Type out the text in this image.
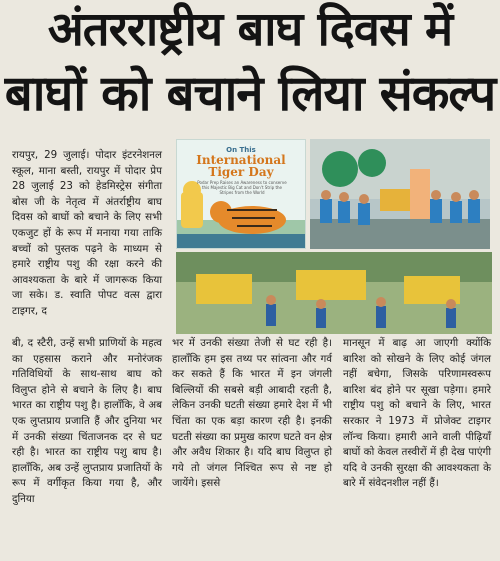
अंतरराष्ट्रीय बाघ दिवस में
बाघों को बचाने लिया संकल्प
On This
International Tiger Day
Podar Prep Raises an Awareness to conserve this Majestic Big Cat and Don't Strip the Stripes from the World
रायपुर, 29 जुलाई। पोदार इंटरनेशनल स्कूल, माना बस्ती, रायपुर में पोदार प्रेप 28 जुलाई 23 को हेडमिस्ट्रेस संगीता बोस जी के नेतृत्व में अंतर्राष्ट्रीय बाघ दिवस को बाघों को बचाने के लिए सभी एकजुट हों के रूप में मनाया गया ताकि बच्चों को पुस्तक पढ़ने के माध्यम से हमारे राष्ट्रीय पशु की रक्षा करने की आवश्यकता के बारे में जागरूक किया जा सके। ड. स्वाति पोपट वत्स द्वारा टाइगर, द
बी, द स्टैरी, उन्हें सभी प्राणियों के महत्व का एहसास कराने और मनोरंजक गतिविधियों के साथ-साथ बाघ को विलुप्त होने से बचाने के लिए है। बाघ भारत का राष्ट्रीय पशु है। हालाँकि, वे अब एक लुप्तप्राय प्रजाति हैं और दुनिया भर में उनकी संख्या चिंताजनक दर से घट रही है। भारत का राष्ट्रीय पशु बाघ है। हालाँकि, अब उन्हें लुप्तप्राय प्रजातियों के रूप में वर्गीकृत किया गया है, और दुनिया
भर में उनकी संख्या तेजी से घट रही है। हालाँकि हम इस तथ्य पर सांत्वना और गर्व कर सकते हैं कि भारत में इन जंगली बिल्लियों की सबसे बड़ी आबादी रहती है, लेकिन उनकी घटती संख्या हमारे देश में भी चिंता का एक बड़ा कारण रही है। इनकी घटती संख्या का प्रमुख कारण घटते वन क्षेत्र और अवैध शिकार है। यदि बाघ विलुप्त हो गये तो जंगल निश्चित रूप से नष्ट हो जायेंगे। इससे
मानसून में बाढ़ आ जाएगी क्योंकि बारिश को सोखने के लिए कोई जंगल नहीं बचेगा, जिसके परिणामस्वरूप बारिश बंद होने पर सूखा पड़ेगा। हमारे राष्ट्रीय पशु को बचाने के लिए, भारत सरकार ने 1973 में प्रोजेक्ट टाइगर लॉन्च किया। हमारी आने वाली पीढ़ियाँ बाघों को केवल तस्वीरों में ही देख पाएंगी यदि वे उनकी सुरक्षा की आवश्यकता के बारे में संवेदनशील नहीं हैं।
